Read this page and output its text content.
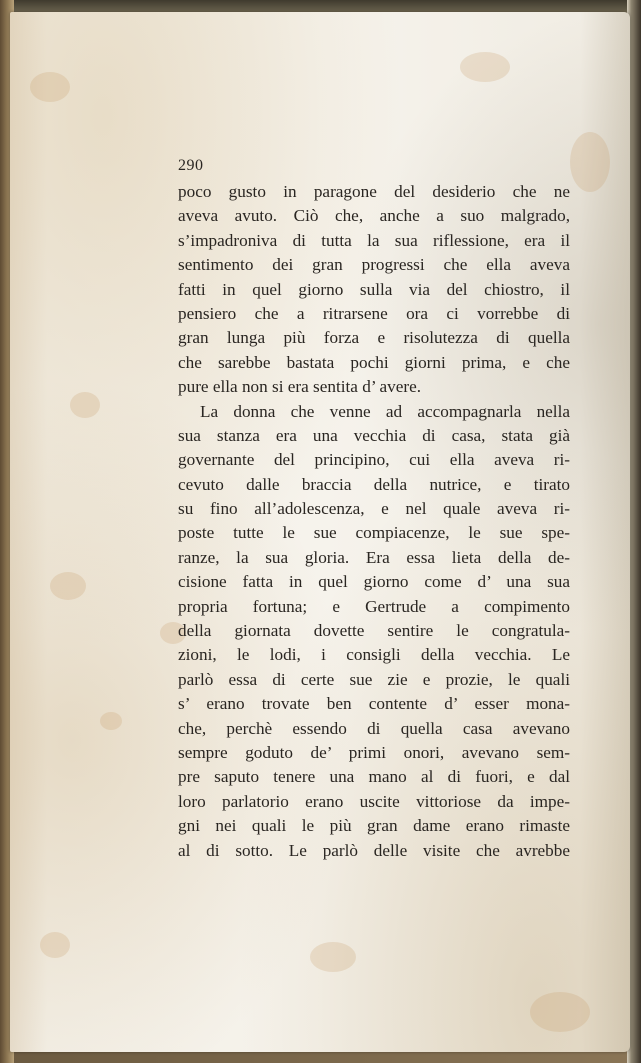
290
poco gusto in paragone del desiderio che ne
aveva avuto. Ciò che, anche a suo malgrado,
s’impadroniva di tutta la sua riflessione, era il
sentimento dei gran progressi che ella aveva
fatti in quel giorno sulla via del chiostro, il
pensiero che a ritrarsene ora ci vorrebbe di
gran lunga più forza e risolutezza di quella
che sarebbe bastata pochi giorni prima, e che
pure ella non si era sentita d’ avere.
La donna che venne ad accompagnarla nella
sua stanza era una vecchia di casa, stata già
governante del principino, cui ella aveva ri-
cevuto dalle braccia della nutrice, e tirato
su fino all’adolescenza, e nel quale aveva ri-
poste tutte le sue compiacenze, le sue spe-
ranze, la sua gloria. Era essa lieta della de-
cisione fatta in quel giorno come d’ una sua
propria fortuna; e Gertrude a compimento
della giornata dovette sentire le congratula-
zioni, le lodi, i consigli della vecchia. Le
parlò essa di certe sue zie e prozie, le quali
s’ erano trovate ben contente d’ esser mona-
che, perchè essendo di quella casa avevano
sempre goduto de’ primi onori, avevano sem-
pre saputo tenere una mano al di fuori, e dal
loro parlatorio erano uscite vittoriose da impe-
gni nei quali le più gran dame erano rimaste
al di sotto. Le parlò delle visite che avrebbe
